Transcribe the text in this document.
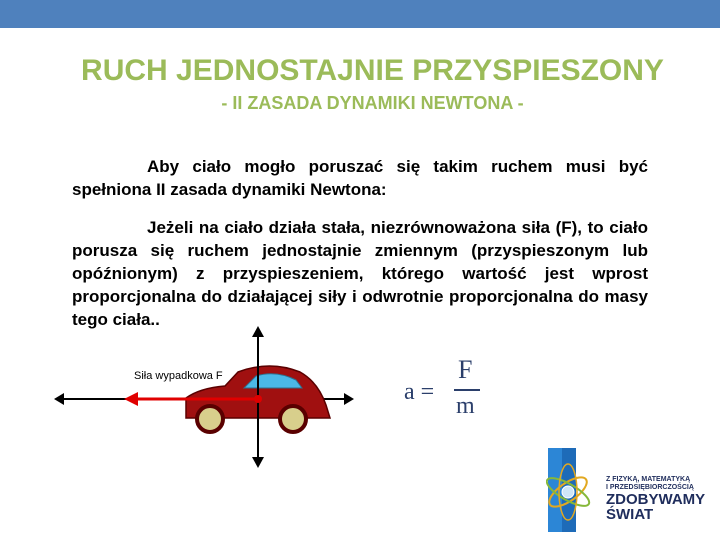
RUCH JEDNOSTAJNIE PRZYSPIESZONY
- II ZASADA DYNAMIKI NEWTONA -
Aby ciało mogło poruszać się takim ruchem musi być spełniona II zasada dynamiki Newtona:
Jeżeli na ciało działa stała, niezrównoważona siła (F), to ciało porusza się ruchem jednostajnie zmiennym (przyspieszonym lub opóźnionym) z przyspieszeniem, którego wartość jest wprost proporcjonalna do działającej siły i odwrotnie proporcjonalna do masy tego ciała..
Siła wypadkowa F
a =
F
m
Z FIZYKĄ, MATEMATYKĄ
I PRZEDSIĘBIORCZOŚCIĄ
ZDOBYWAMY
ŚWIAT
